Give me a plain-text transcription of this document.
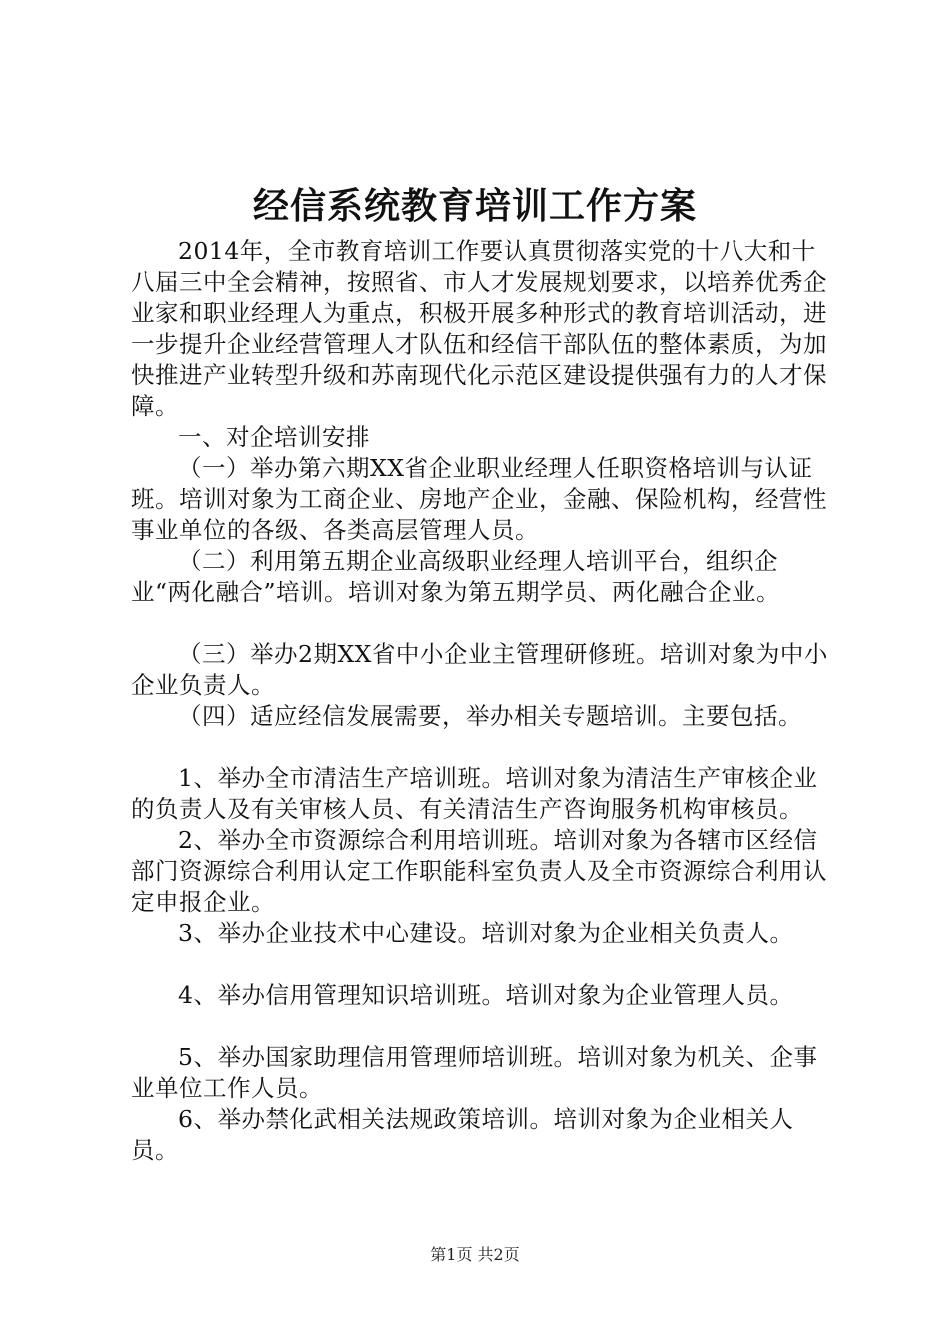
经信系统教育培训工作方案

2014年，全市教育培训工作要认真贯彻落实党的十八大和十八届三中全会精神，按照省、市人才发展规划要求，以培养优秀企业家和职业经理人为重点，积极开展多种形式的教育培训活动，进一步提升企业经营管理人才队伍和经信干部队伍的整体素质，为加快推进产业转型升级和苏南现代化示范区建设提供强有力的人才保障。

一、对企培训安排

（一）举办第六期XX省企业职业经理人任职资格培训与认证班。培训对象为工商企业、房地产企业，金融、保险机构，经营性事业单位的各级、各类高层管理人员。

（二）利用第五期企业高级职业经理人培训平台，组织企业“两化融合”培训。培训对象为第五期学员、两化融合企业。

（三）举办2期XX省中小企业主管理研修班。培训对象为中小企业负责人。

（四）适应经信发展需要，举办相关专题培训。主要包括。

1、举办全市清洁生产培训班。培训对象为清洁生产审核企业的负责人及有关审核人员、有关清洁生产咨询服务机构审核员。

2、举办全市资源综合利用培训班。培训对象为各辖市区经信部门资源综合利用认定工作职能科室负责人及全市资源综合利用认定申报企业。

3、举办企业技术中心建设。培训对象为企业相关负责人。

4、举办信用管理知识培训班。培训对象为企业管理人员。

5、举办国家助理信用管理师培训班。培训对象为机关、企事业单位工作人员。

6、举办禁化武相关法规政策培训。培训对象为企业相关人员。

第1页 共2页
